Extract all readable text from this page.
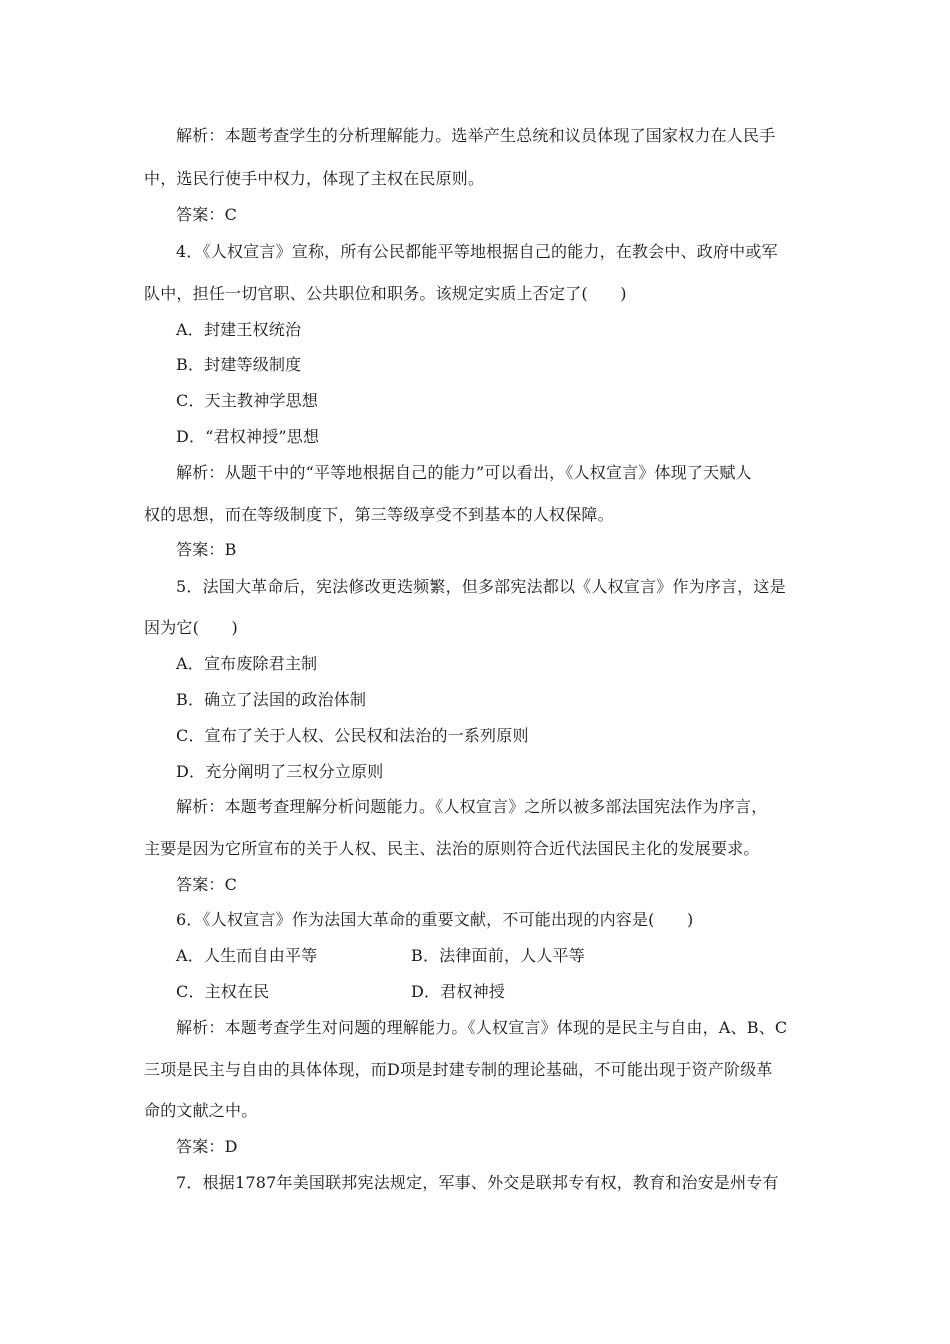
解析：本题考查学生的分析理解能力。选举产生总统和议员体现了国家权力在人民手
中，选民行使手中权力，体现了主权在民原则。
答案：C
4．《人权宣言》宣称，所有公民都能平等地根据自己的能力，在教会中、政府中或军
队中，担任一切官职、公共职位和职务。该规定实质上否定了(　　)
A．封建王权统治
B．封建等级制度
C．天主教神学思想
D．“君权神授”思想
解析：从题干中的“平等地根据自己的能力”可以看出，《人权宣言》体现了天赋人
权的思想，而在等级制度下，第三等级享受不到基本的人权保障。
答案：B
5．法国大革命后，宪法修改更迭频繁，但多部宪法都以《人权宣言》作为序言，这是
因为它(　　)
A．宣布废除君主制
B．确立了法国的政治体制
C．宣布了关于人权、公民权和法治的一系列原则
D．充分阐明了三权分立原则
解析：本题考查理解分析问题能力。《人权宣言》之所以被多部法国宪法作为序言，
主要是因为它所宣布的关于人权、民主、法治的原则符合近代法国民主化的发展要求。
答案：C
6．《人权宣言》作为法国大革命的重要文献，不可能出现的内容是(　　)
A．人生而自由平等	B．法律面前，人人平等
C．主权在民	D．君权神授
解析：本题考查学生对问题的理解能力。《人权宣言》体现的是民主与自由，A、B、C
三项是民主与自由的具体体现，而D项是封建专制的理论基础，不可能出现于资产阶级革
命的文献之中。
答案：D
7．根据1787年美国联邦宪法规定，军事、外交是联邦专有权，教育和治安是州专有
